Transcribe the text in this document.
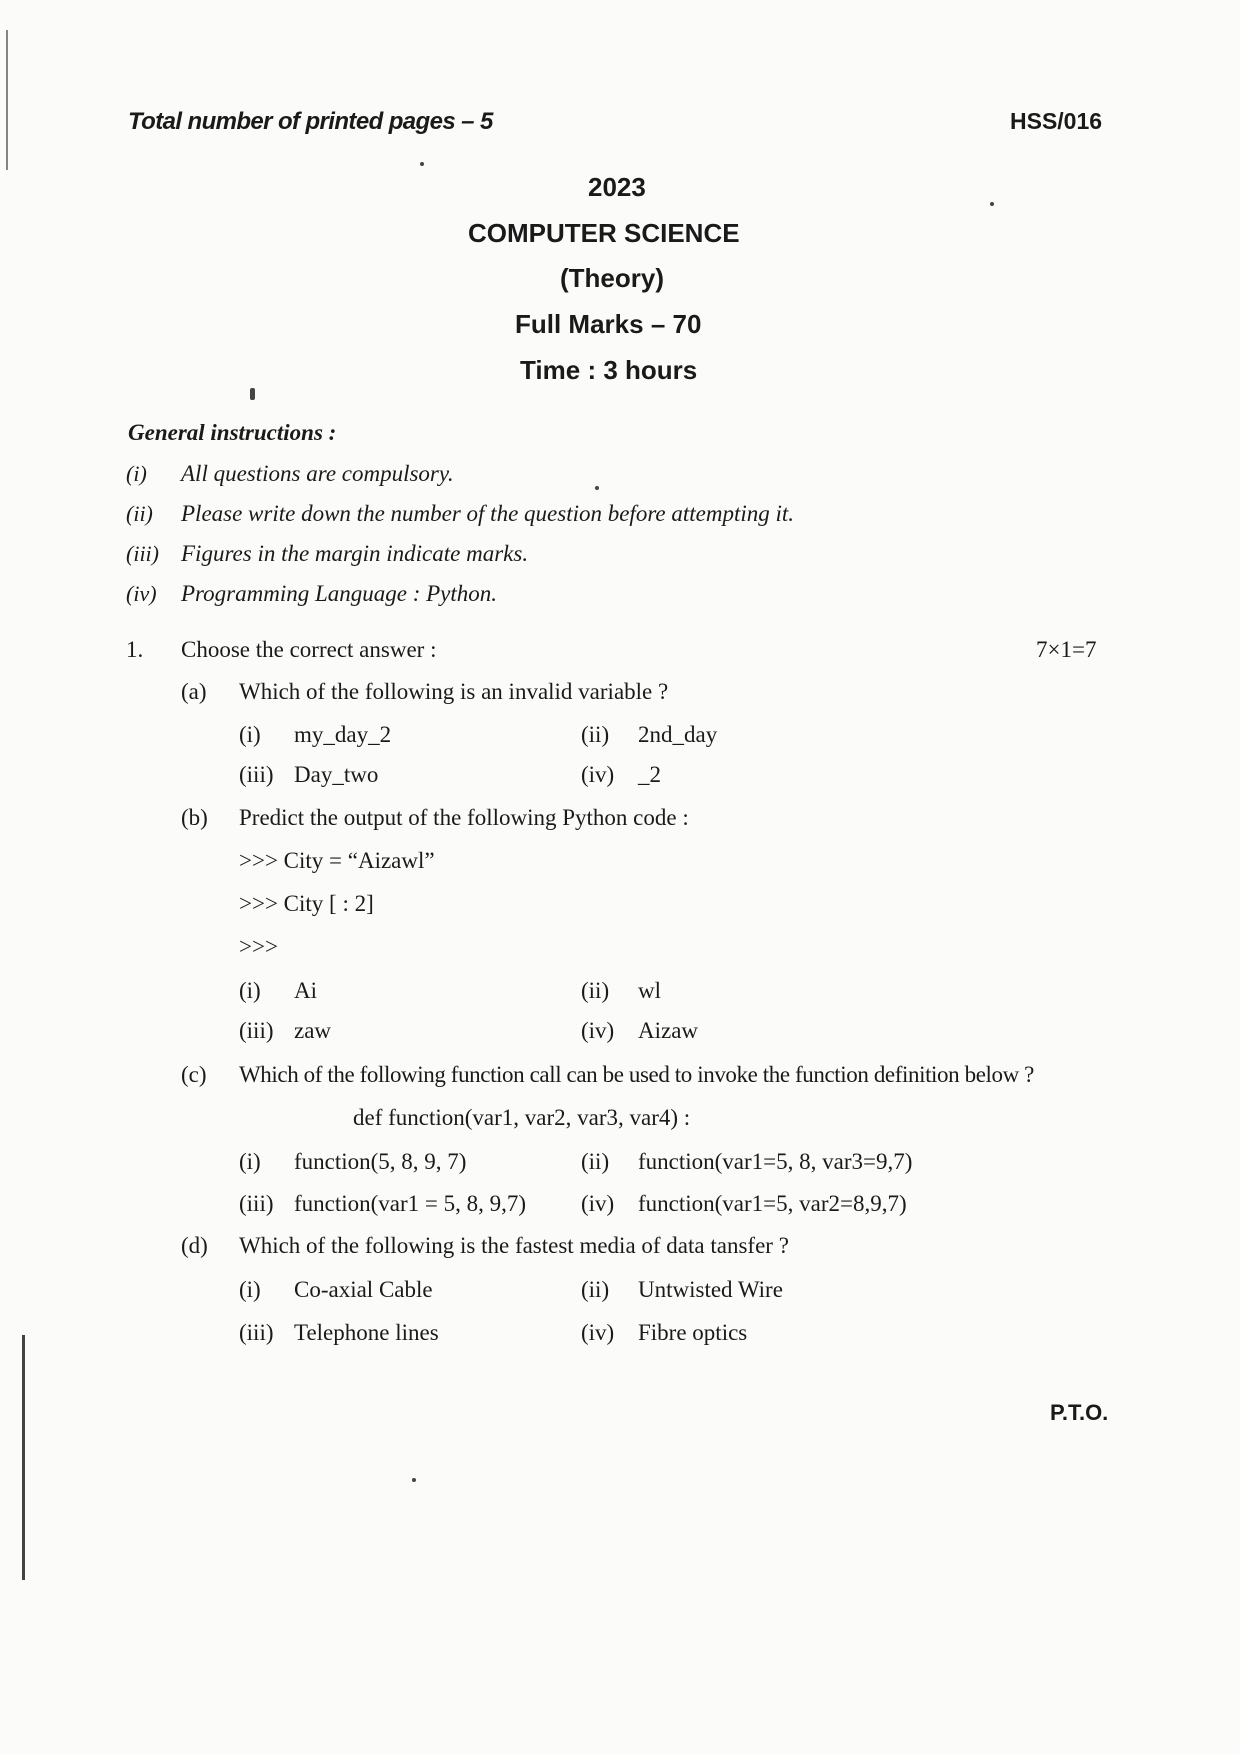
Total number of printed pages – 5	HSS/016
2023
COMPUTER SCIENCE
(Theory)
Full Marks – 70
Time : 3 hours
General instructions :
(i) All questions are compulsory.
(ii) Please write down the number of the question before attempting it.
(iii) Figures in the margin indicate marks.
(iv) Programming Language : Python.
1. Choose the correct answer :	7×1=7
(a) Which of the following is an invalid variable ?
(i) my_day_2	(ii) 2nd_day
(iii) Day_two	(iv) _2
(b) Predict the output of the following Python code :
>>> City = “Aizawl”
>>> City [ : 2]
>>>
(i) Ai	(ii) wl
(iii) zaw	(iv) Aizaw
(c) Which of the following function call can be used to invoke the function definition below ?
def function(var1, var2, var3, var4) :
(i) function(5, 8, 9, 7)	(ii) function(var1=5, 8, var3=9,7)
(iii) function(var1 = 5, 8, 9,7) (iv) function(var1=5, var2=8,9,7)
(d) Which of the following is the fastest media of data tansfer ?
(i) Co-axial Cable	(ii) Untwisted Wire
(iii) Telephone lines	(iv) Fibre optics
P.T.O.
